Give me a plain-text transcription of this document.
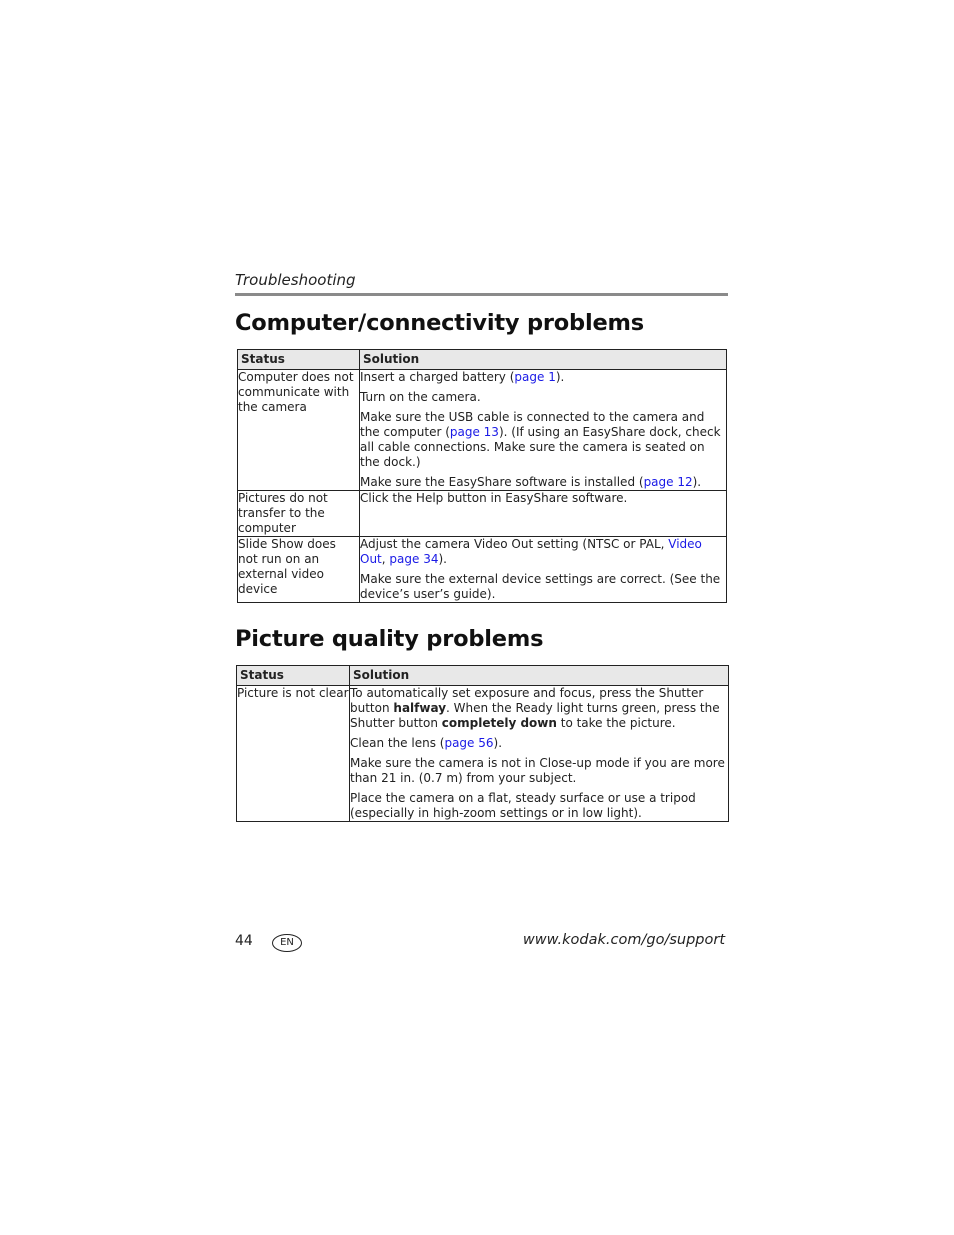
Troubleshooting
Computer/connectivity problems
Status	Solution
Computer does not communicate with the camera	Insert a charged battery (page 1).
Turn on the camera.
Make sure the USB cable is connected to the camera and the computer (page 13). (If using an EasyShare dock, check all cable connections. Make sure the camera is seated on the dock.)
Make sure the EasyShare software is installed (page 12).

Pictures do not transfer to the computer	Click the Help button in EasyShare software.

Slide Show does not run on an external video device	Adjust the camera Video Out setting (NTSC or PAL, Video Out, page 34).
Make sure the external device settings are correct. (See the device’s user’s guide).
Picture quality problems
Status	Solution
Picture is not clear	To automatically set exposure and focus, press the Shutter button halfway. When the Ready light turns green, press the Shutter button completely down to take the picture.
Clean the lens (page 56).
Make sure the camera is not in Close-up mode if you are more than 21 in. (0.7 m) from your subject.
Place the camera on a flat, steady surface or use a tripod (especially in high-zoom settings or in low light).
44	EN	www.kodak.com/go/support
